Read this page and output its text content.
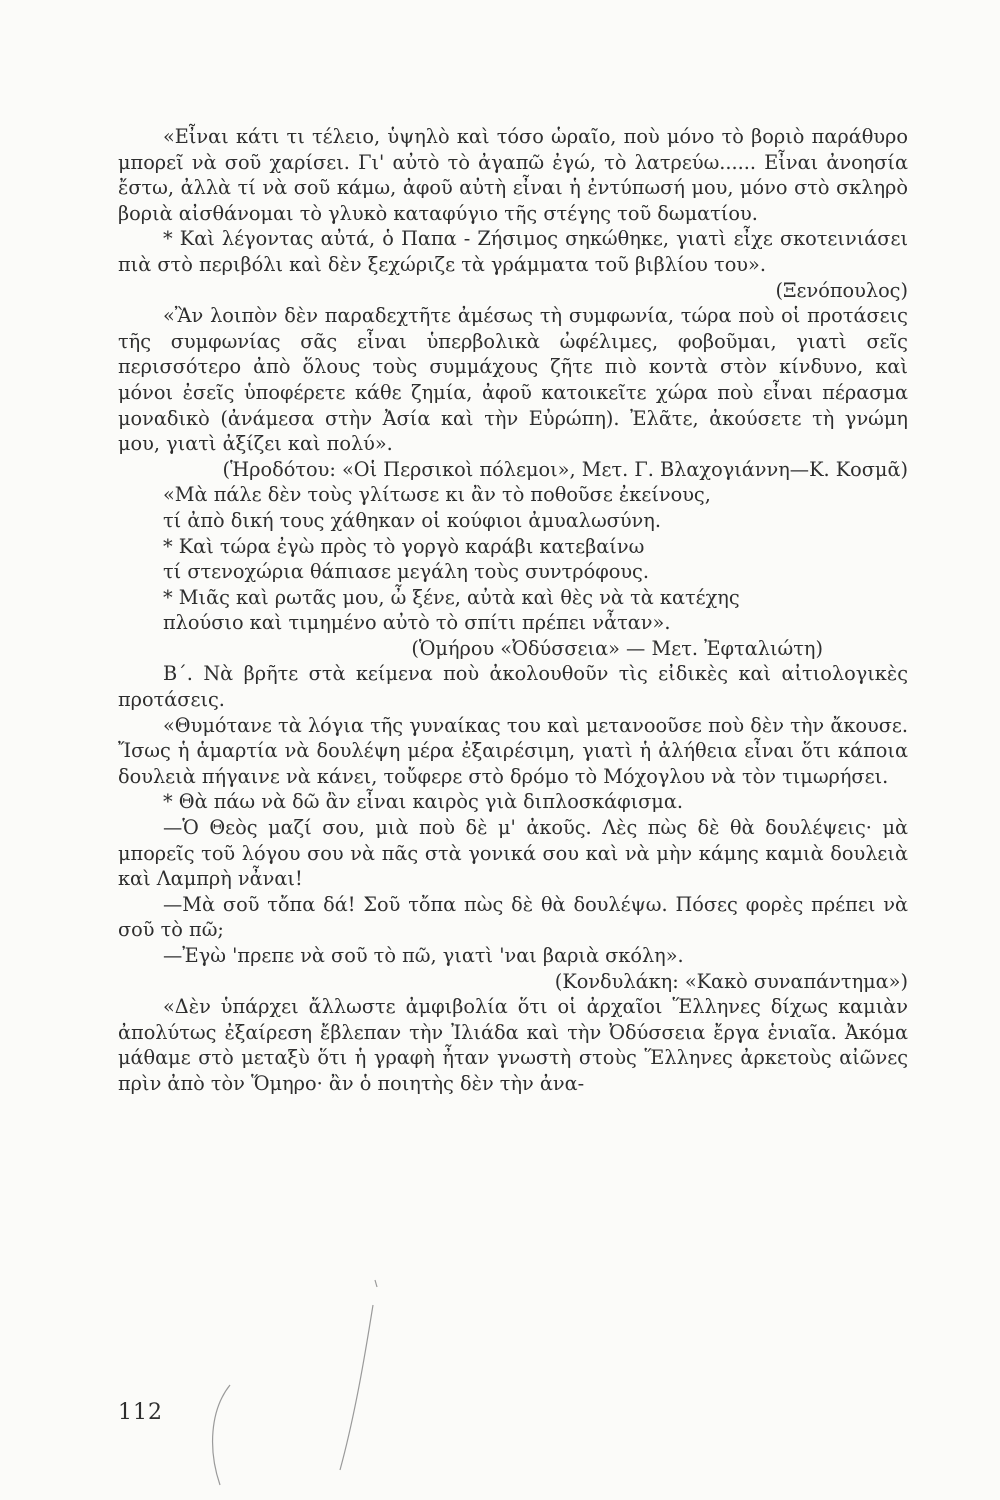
«Εἶναι κάτι τι τέλειο, ὑψηλὸ καὶ τόσο ὡραῖο, ποὺ μόνο τὸ βοριὸ παράθυρο μπορεῖ νὰ σοῦ χαρίσει. Γι' αὐτὸ τὸ ἀγαπῶ ἐγώ, τὸ λατρεύω...... Εἶναι ἀνοησία ἔστω, ἀλλὰ τί νὰ σοῦ κάμω, ἀφοῦ αὐτὴ εἶναι ἡ ἐντύπωσή μου, μόνο στὸ σκληρὸ βοριὰ αἰσθάνομαι τὸ γλυκὸ καταφύγιο τῆς στέγης τοῦ δωματίου.

* Καὶ λέγοντας αὐτά, ὁ Παπα - Ζήσιμος σηκώθηκε, γιατὶ εἶχε σκοτεινιάσει πιὰ στὸ περιβόλι καὶ δὲν ξεχώριζε τὰ γράμματα τοῦ βιβλίου του».

(Ξενόπουλος)

«Ἂν λοιπὸν δὲν παραδεχτῆτε ἀμέσως τὴ συμφωνία, τώρα ποὺ οἱ προτάσεις τῆς συμφωνίας σᾶς εἶναι ὑπερβολικὰ ὠφέλιμες, φοβοῦμαι, γιατὶ σεῖς περισσότερο ἀπὸ ὅλους τοὺς συμμάχους ζῆτε πιὸ κοντὰ στὸν κίνδυνο, καὶ μόνοι ἐσεῖς ὑποφέρετε κάθε ζημία, ἀφοῦ κατοικεῖτε χώρα ποὺ εἶναι πέρασμα μοναδικὸ (ἀνάμεσα στὴν Ἀσία καὶ τὴν Εὐρώπη). Ἐλᾶτε, ἀκούσετε τὴ γνώμη μου, γιατὶ ἀξίζει καὶ πολύ».

(Ἡροδότου: «Οἱ Περσικοὶ πόλεμοι», Μετ. Γ. Βλαχογιάννη—Κ. Κοσμᾶ)

«Μὰ πάλε δὲν τοὺς γλίτωσε κι ἂν τὸ ποθοῦσε ἐκείνους,

τί ἀπὸ δική τους χάθηκαν οἱ κούφιοι ἀμυαλωσύνη.

* Καὶ τώρα ἐγὼ πρὸς τὸ γοργὸ καράβι κατεβαίνω

τί στενοχώρια θάπιασε μεγάλη τοὺς συντρόφους.

* Μιᾶς καὶ ρωτᾶς μου, ὦ ξένε, αὐτὰ καὶ θὲς νὰ τὰ κατέχης

πλούσιο καὶ τιμημένο αὐτὸ τὸ σπίτι πρέπει νἆταν».

(Ὁμήρου «Ὀδύσσεια» — Μετ. Ἐφταλιώτη)

Β΄. Νὰ βρῆτε στὰ κείμενα ποὺ ἀκολουθοῦν τὶς εἰδικὲς καὶ αἰτιολογικὲς προτάσεις.

«Θυμότανε τὰ λόγια τῆς γυναίκας του καὶ μετανοοῦσε ποὺ δὲν τὴν ἄκουσε. Ἴσως ἡ ἁμαρτία νὰ δουλέψη μέρα ἐξαιρέσιμη, γιατὶ ἡ ἀλήθεια εἶναι ὅτι κάποια δουλειὰ πήγαινε νὰ κάνει, τοὔφερε στὸ δρόμο τὸ Μόχογλου νὰ τὸν τιμωρήσει.

* Θὰ πάω νὰ δῶ ἂν εἶναι καιρὸς γιὰ διπλοσκάφισμα.

—Ὁ Θεὸς μαζί σου, μιὰ ποὺ δὲ μ' ἀκοῦς. Λὲς πὼς δὲ θὰ δουλέψεις· μὰ μπορεῖς τοῦ λόγου σου νὰ πᾶς στὰ γονικά σου καὶ νὰ μὴν κάμης καμιὰ δουλειὰ καὶ Λαμπρὴ νἆναι!

—Μὰ σοῦ τὄπα δά! Σοῦ τὄπα πὼς δὲ θὰ δουλέψω. Πόσες φορὲς πρέπει νὰ σοῦ τὸ πῶ;

—Ἐγὼ 'πρεπε νὰ σοῦ τὸ πῶ, γιατὶ 'ναι βαριὰ σκόλη».

(Κονδυλάκη: «Κακὸ συναπάντημα»)

«Δὲν ὑπάρχει ἄλλωστε ἀμφιβολία ὅτι οἱ ἀρχαῖοι Ἕλληνες δίχως καμιὰν ἀπολύτως ἐξαίρεση ἔβλεπαν τὴν Ἰλιάδα καὶ τὴν Ὀδύσσεια ἔργα ἑνιαῖα. Ἀκόμα μάθαμε στὸ μεταξὺ ὅτι ἡ γραφὴ ἦταν γνωστὴ στοὺς Ἕλληνες ἀρκετοὺς αἰῶνες πρὶν ἀπὸ τὸν Ὅμηρο· ἂν ὁ ποιητὴς δὲν τὴν ἀνα-

112
